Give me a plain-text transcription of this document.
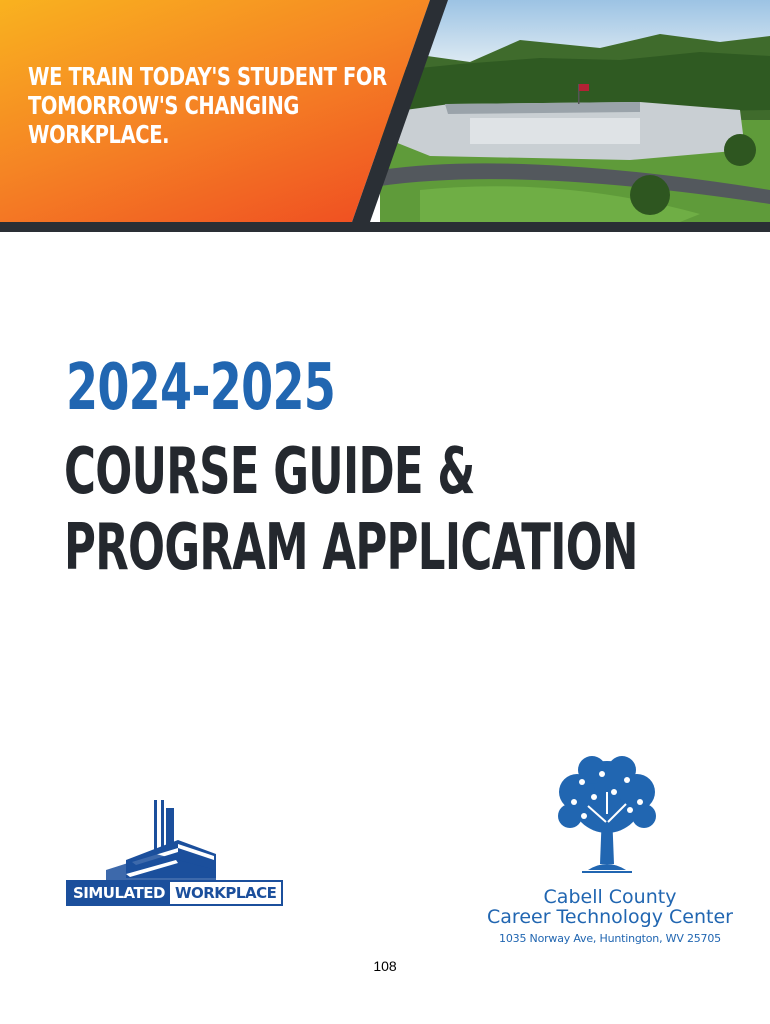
WE TRAIN TODAY'S STUDENT FOR
TOMORROW'S CHANGING
WORKPLACE.
2024-2025
COURSE GUIDE &
PROGRAM APPLICATION
SIMULATED WORKPLACE	Cabell County
Career Technology Center
1035 Norway Ave, Huntington, WV 25705
108
